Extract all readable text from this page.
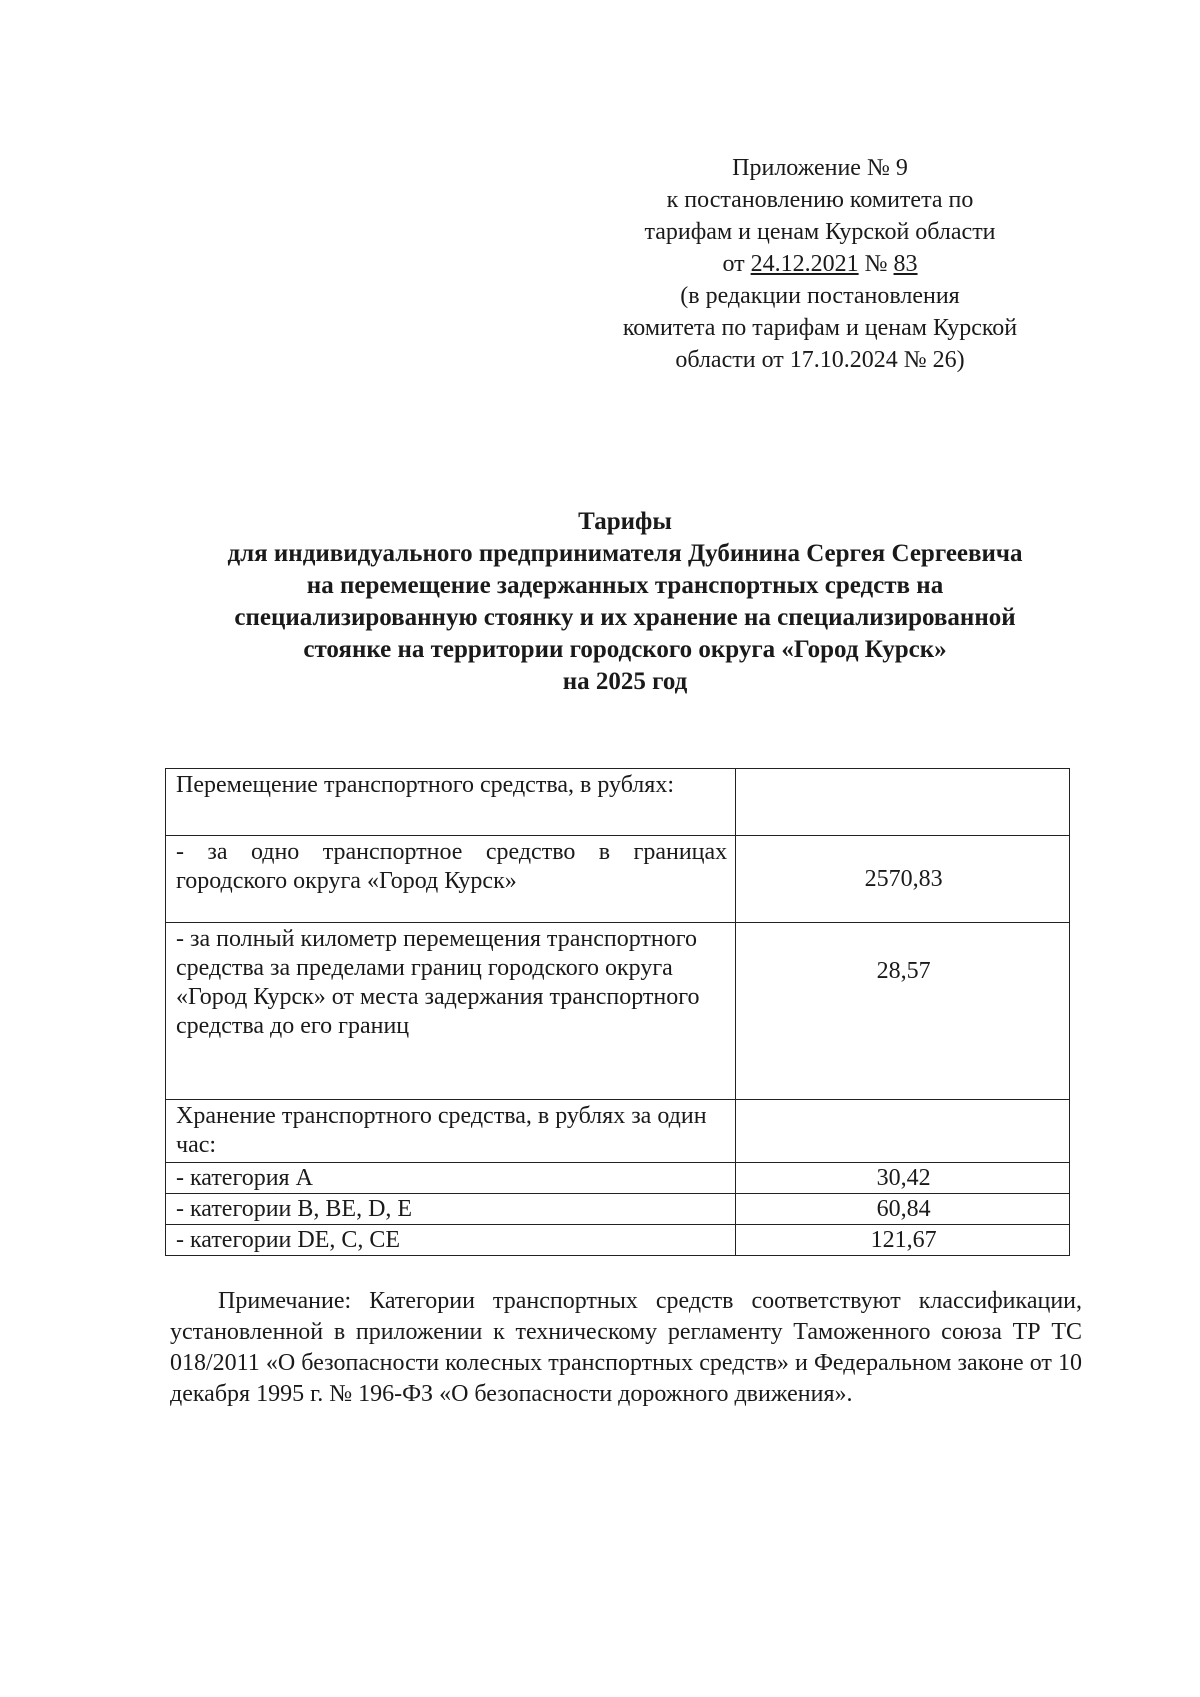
Приложение № 9
к постановлению комитета по
тарифам и ценам Курской области
от 24.12.2021 № 83
(в редакции постановления
комитета по тарифам и ценам Курской
области от 17.10.2024 № 26)
Тарифы
для индивидуального предпринимателя Дубинина Сергея Сергеевича
на перемещение задержанных транспортных средств на
специализированную стоянку и их хранение на специализированной
стоянке на территории городского округа «Город Курск»
на 2025 год
Перемещение транспортного средства, в рублях:	
- за одно транспортное средство в границах городского округа «Город Курск»	2570,83
- за полный километр перемещения транспортного средства за пределами границ городского округа «Город Курск» от места задержания транспортного средства до его границ	28,57
Хранение транспортного средства, в рублях за один час:	
- категория А	30,42
- категории B, BE, D, E	60,84
- категории DE, C, CE	121,67

Примечание: Категории транспортных средств соответствуют классификации, установленной в приложении к техническому регламенту Таможенного союза ТР ТС 018/2011 «О безопасности колесных транспортных средств» и Федеральном законе от 10 декабря 1995 г. № 196-ФЗ «О безопасности дорожного движения».
